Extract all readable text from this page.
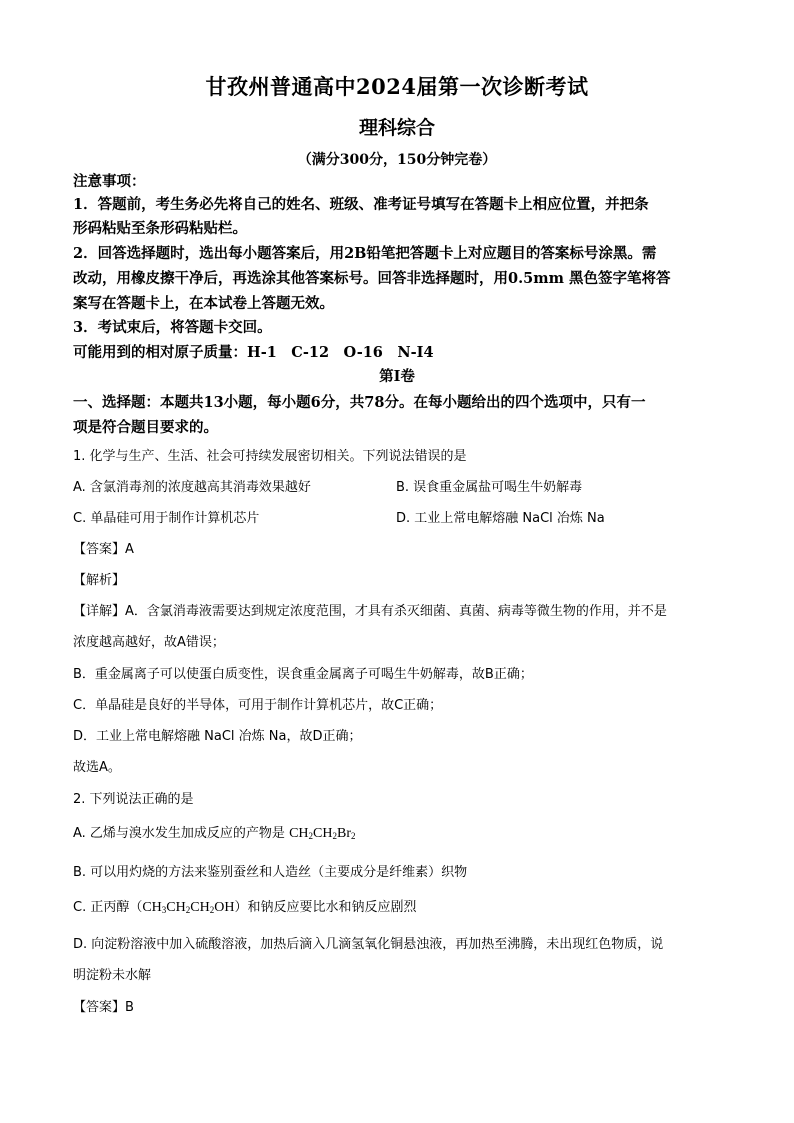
甘孜州普通高中2024届第一次诊断考试
理科综合
（满分300分，150分钟完卷）
注意事项：
1．答题前，考生务必先将自己的姓名、班级、准考证号填写在答题卡上相应位置，并把条
形码粘贴至条形码粘贴栏。
2．回答选择题时，选出每小题答案后，用2B铅笔把答题卡上对应题目的答案标号涂黑。需
改动，用橡皮擦干净后，再选涂其他答案标号。回答非选择题时，用0.5mm 黑色签字笔将答
案写在答题卡上，在本试卷上答题无效。
3．考试束后，将答题卡交回。
可能用到的相对原子质量：H-1　C-12　O-16　N-I4
第Ⅰ卷
一、选择题：本题共13小题，每小题6分，共78分。在每小题给出的四个选项中，只有一
项是符合题目要求的。
1. 化学与生产、生活、社会可持续发展密切相关。下列说法错误的是
A. 含氯消毒剂的浓度越高其消毒效果越好	B. 误食重金属盐可喝生牛奶解毒
C. 单晶硅可用于制作计算机芯片	D. 工业上常电解熔融 NaCl 冶炼 Na
【答案】A
【解析】
【详解】A．含氯消毒液需要达到规定浓度范围，才具有杀灭细菌、真菌、病毒等微生物的作用，并不是
浓度越高越好，故A错误；
B．重金属离子可以使蛋白质变性，误食重金属离子可喝生牛奶解毒，故B正确；
C．单晶硅是良好的半导体，可用于制作计算机芯片，故C正确；
D．工业上常电解熔融 NaCl 冶炼 Na，故D正确；
故选A。
2. 下列说法正确的是
A. 乙烯与溴水发生加成反应的产物是 $CH_2CH_2Br_2$
B. 可以用灼烧的方法来鉴别蚕丝和人造丝（主要成分是纤维素）织物
C. 正丙醇$(CH_3CH_2CH_2OH)$和钠反应要比水和钠反应剧烈
D. 向淀粉溶液中加入硫酸溶液，加热后滴入几滴氢氧化铜悬浊液，再加热至沸腾，未出现红色物质，说
明淀粉未水解
【答案】B
